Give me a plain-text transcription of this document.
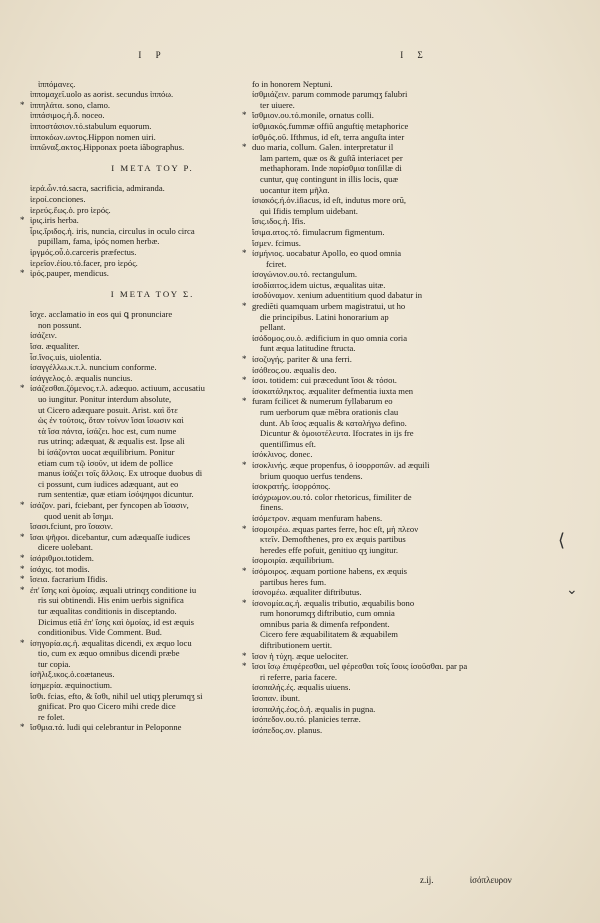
Ι Ρ
ἱππόμανες.
ἱππομαχεῖ.uolo as aorist. secundus ἱππόω.
* ἱππηλάτα. sono, clamo.
ἱππάσιμος.ἡ.δ. noceo.
ἱπποστάσιον.τό.stabulum equorum.
ἱπποκόων.ωντος.Hippon nomen uiri.
ἱππῶναξ.ακτος.Hipponax poeta iãbographus.
Ι ΜΕΤΑ ΤΟΥ Ρ.
ἱερά.ὧν.τά.sacra, sacrificia, admiranda.
ἱεροί.conciones.
ἱερεύς.ἔως.ὁ. pro ἱερός.
* ἱρις.iris herba.
ἶρις.ἴριδος.ἡ. iris, nuncia, circulus in oculo circa
pupillam, fama, ἱρός nomen herbæ.
ἱργμός.οὗ.ὁ.carceris præfectus.
ἱερεῖον.ἐίου.τό.facer, pro ἱερός.
* ἱρός.pauper, mendicus.
Ι ΜΕΤΑ ΤΟΥ Σ.
ἴσχε. acclamatio in eos qui ꝗ pronunciare
non possunt.
ἰσάζειν.
ἴσα. æqualiter.
ἶσ.ἴνος.uis, uiolentia.
ἰσαγγέλλω.κ.τ.λ. nuncium conforme.
ἰσάγγελος.ὁ. æqualis nuncius.
* ἰσάζεσθαι.ζόμενος.τ.λ. adæquo. actiuum, accusatiu
uo iungitur. Ponitur interdum absolute,
ut Cicero adæquare posuit. Arist. καὶ ὅτε
ὡς ἐν τούτοις, ὅταν τοίνυν ἴσαι ἴσωσιν καὶ
τὰ ἴσα πάντα, ἰσάζει. hoc est, cum nume
rus utrinq; adæquat, & æqualis est. Ipse ali
bi ἰσάζονται uocat æquilibrium. Ponitur
etiam cum τῷ ἰσοῦν, ut idem de pollice
manus ἰσάζει τοῖς ἄλλοις. Ex utroque duobus di
ci possunt, cum iudices adæquant, aut eo
rum sententiæ, quæ etiam ἰσόψηφοι dicuntur.
* ἰσάζον. pari, fciebant, per fyncopen ab ἴσασιν,
quod uenit ab ἴσημι.
ἴσασι.fciunt, pro ἴσασιν.
* ἴσαι ψῆφοι. dicebantur, cum adæquaſſe iudices
dicere uolebant.
* ἰσάριθμοι.totidem.
* ἰσάχις. tot modis.
* ἴσεια. facrarium Ifidis.
* ἐπ' ἴσης καὶ ὁμοίας. æquali utrinqʒ conditione iu
ris sui obtinendi. His enim uerbis significa
tur æqualitas conditionis in disceptando.
Dicimus etiã ἐπ' ἴσης καὶ ὁμοίας, id est æquis
conditionibus. Vide Comment. Bud.
* ἰσηγορία.ας.ἡ. æqualitas dicendi, ex æquo locu
tio, cum ex æquo omnibus dicendi præbe
tur copia.
ἰσῆλιξ.ικος.ὁ.coætaneus.
ἰσημερία. æquinoctium.
ἴσθι. fcias, efto, & ἴσθι, nihil uel utiqʒ plerumqʒ si
gnificat. Pro quo Cicero mihi crede dice
re folet.
* ἴσθμια.τά. ludi qui celebrantur in Peloponne
Ι Σ
fo in honorem Neptuni.
ἰσθμιάζειν. parum commode parumqʒ falubri
ter uiuere.
* ἴσθμιον.ου.τό.monile, ornatus colli.
ἰσθμιακός.fummæ offiũ anguftię metaphorice
ἰσθμός.οῦ. Ifthmus, id eſt, terra anguſta inter
* duo maria, collum. Galen. interpretatur il
lam partem, quæ os & guſtã interiacet per
methaphoram. Inde παρίσθμια tonſillæ di
cuntur, quę contingunt in illis locis, quæ
uocantur item μῆλα.
ἰσιακός.ή.όν.iſiacus, id eſt, indutus more orũ,
qui Ifidis templum uidebant.
ἴσις.ιδος.ἡ. Ifis.
ἴσιμα.ατος.τό. fimulacrum figmentum.
ἴσμεν. fcimus.
* ἰσμήνιος. uocabatur Apollo, eo quod omnia
fciret.
ἰσογώνιον.ου.τό. rectangulum.
ἰσοδίαιτος.idem uictus, æqualitas uitæ.
ἰσοδύναμον. xenium aduentitium quod dabatur in
* grediẽti quamquam urbem magistratui, ut ho
die principibus. Latini honorarium ap
pellant.
ἰσόδομος.ου.ὁ. ædificium in quo omnia coria
funt æqua latitudine ftructa.
* ἰσοζυγής. pariter & una ferri.
ἰσόθεος.ου. æqualis deo.
* ἰσοι. totidem: cui præcedunt ἴσοι & τόσοι.
ἰσοκατάληκτος. æqualiter defmentia iuxta men
* furam fcilicet & numerum fyllabarum eo
rum uerborum quæ mẽbra orationis clau
dunt. Ab ἴσος æqualis & καταλήγω defino.
Dicuntur & ὁμοιοτέλευτα. Ifocrates in ijs fre
quentiſſimus eſt.
ἰσόκλινος. donec.
* ἰσοκλινής. æque propenfus, ὁ ἰσορροπῶν. ad æquili
brium quoquo uerfus tendens.
ἰσοκρατής. ἰσορρόπος.
ἰσόχρωμον.ου.τό. color rhetoricus, fimiliter de
finens.
ἰσόμετρον. æquam menfuram habens.
* ἰσομοιρέω. æquas partes ferre, hoc eſt, μὴ πλεον
κτεῖν. Demofthenes, pro ex æquis partibus
heredes effe pofuit, genitiuo qʒ iungitur.
ἰσομοιρία. æquilibrium.
* ἰσόμοιρος. æquam portione habens, ex æquis
partibus heres fum.
ἰσονομέω. æqualiter diftributus.
* ἰσονομία.ας.ἡ. æqualis tributio, æquabilis bono
rum honorumqʒ diftributio, cum omnia
omnibus paria & dimenfa refpondent.
Cicero fere æquabilitatem & æquabilem
diftributionem uertit.
* ἴσον ἡ τύχη. æque uelociter.
* ἴσοι ἴσῳ ἐπιφέρεσθαι, uel φέρεσθαι τοῖς ἴσοις ἰσοῦσθαι. par pa
ri referre, paria facere.
ἰσοπαλής.ές. æqualis uiuens.
ἴσοπαν. ibunt.
ἰσοπαλής.έος.ὁ.ἡ. æqualis in pugna.
ἰσόπεδον.ου.τό. planicies terræ.
ἰσόπεδος.ον. planus.
⟨
⌄
z.ij.	ἰσόπλευρον
